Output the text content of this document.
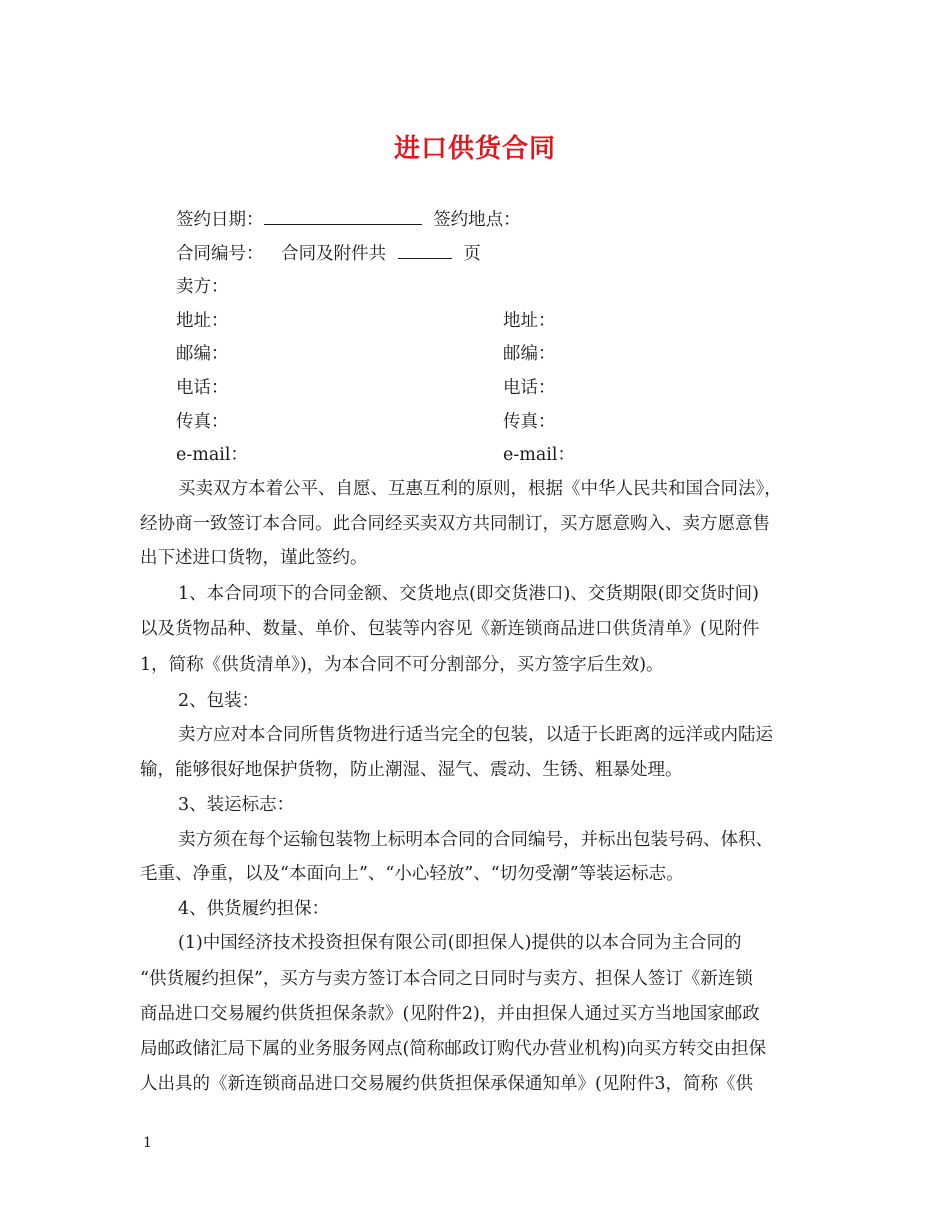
进口供货合同
签约日期：	签约地点：
合同编号： 合同及附件共	页
卖方：
地址：
邮编：
电话：
传真：
e-mail：
地址：
邮编：
电话：
传真：
e-mail：
买卖双方本着公平、自愿、互惠互利的原则，根据《中华人民共和国合同法》，
经协商一致签订本合同。此合同经买卖双方共同制订，买方愿意购入、卖方愿意售
出下述进口货物，谨此签约。
1、本合同项下的合同金额、交货地点(即交货港口)、交货期限(即交货时间)
以及货物品种、数量、单价、包装等内容见《新连锁商品进口供货清单》(见附件
1，简称《供货清单》)，为本合同不可分割部分，买方签字后生效)。
2、包装：
卖方应对本合同所售货物进行适当完全的包装，以适于长距离的远洋或内陆运
输，能够很好地保护货物，防止潮湿、湿气、震动、生锈、粗暴处理。
3、装运标志：
卖方须在每个运输包装物上标明本合同的合同编号，并标出包装号码、体积、
毛重、净重，以及“本面向上”、“小心轻放”、“切勿受潮”等装运标志。
4、供货履约担保：
(1)中国经济技术投资担保有限公司(即担保人)提供的以本合同为主合同的
“供货履约担保”，买方与卖方签订本合同之日同时与卖方、担保人签订《新连锁
商品进口交易履约供货担保条款》(见附件2)，并由担保人通过买方当地国家邮政
局邮政储汇局下属的业务服务网点(简称邮政订购代办营业机构)向买方转交由担保
人出具的《新连锁商品进口交易履约供货担保承保通知单》(见附件3，简称《供
1
